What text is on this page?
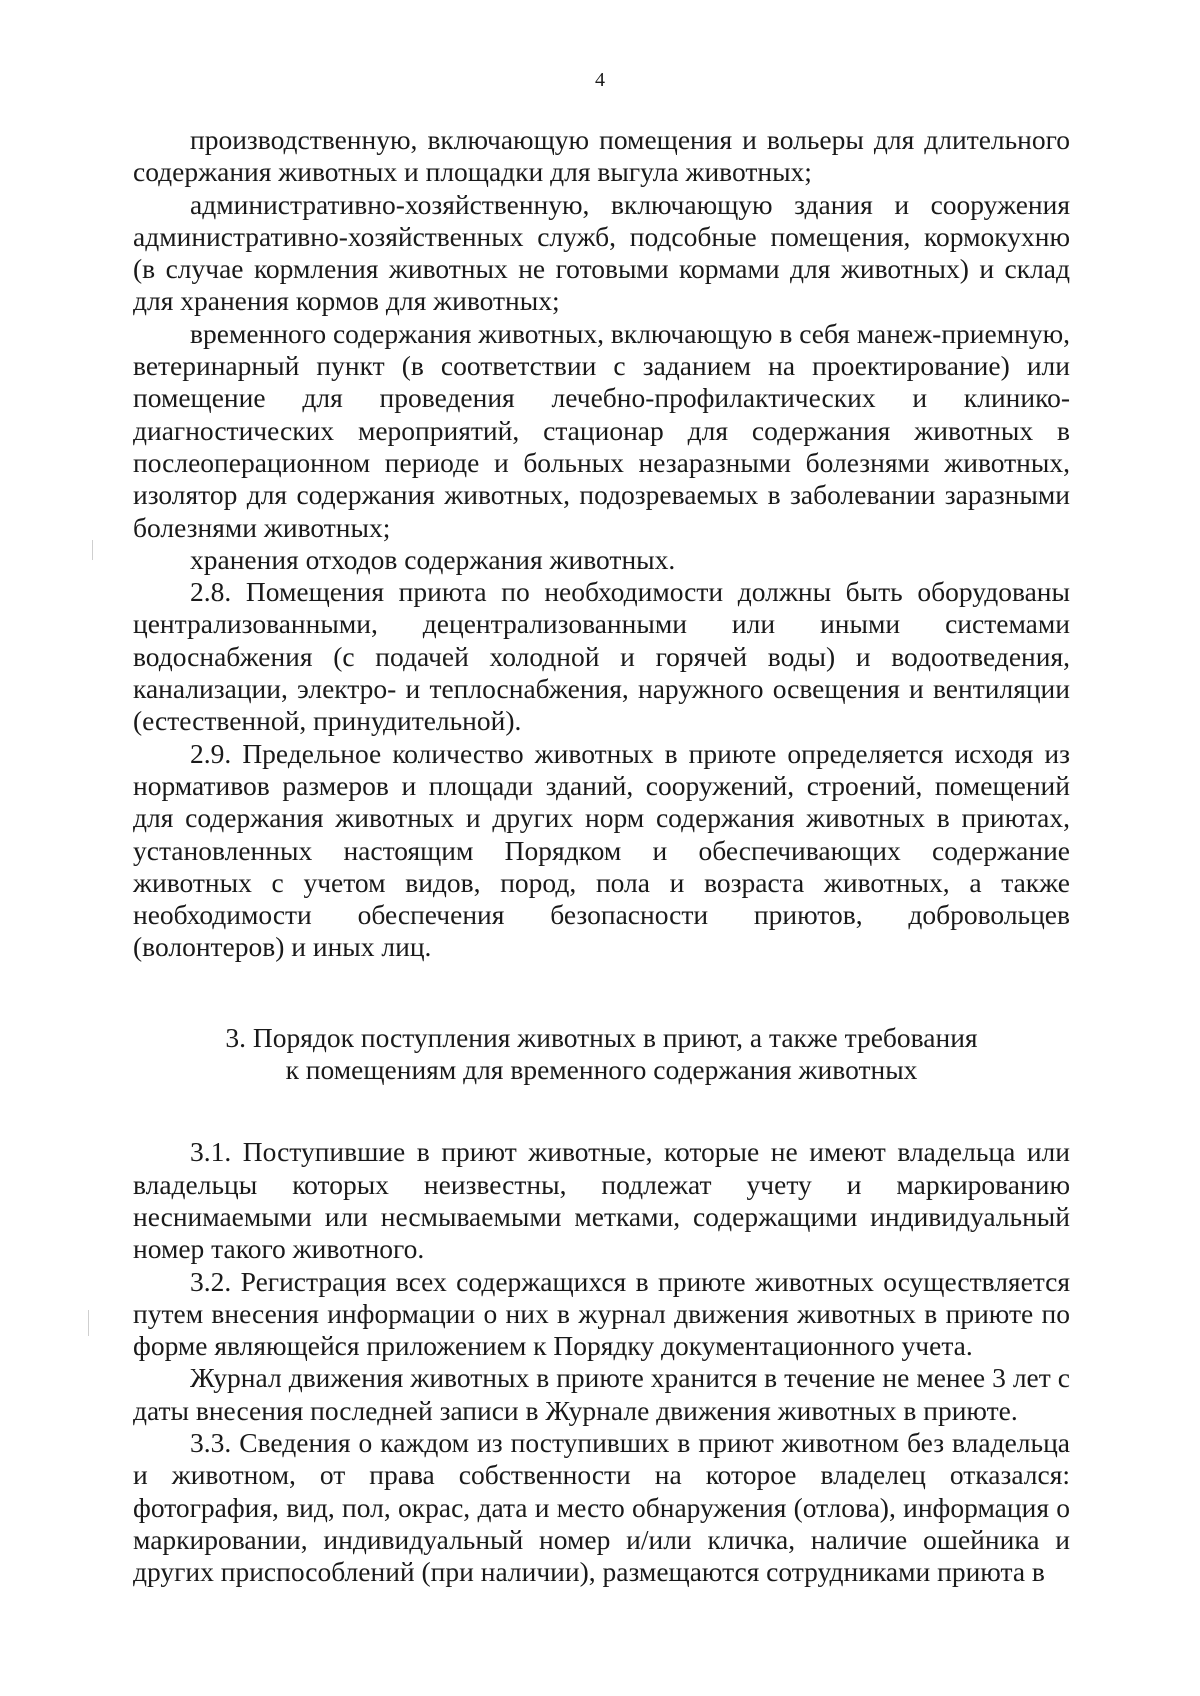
4

производственную, включающую помещения и вольеры для длительного содержания животных и площадки для выгула животных;

административно-хозяйственную, включающую здания и сооружения административно-хозяйственных служб, подсобные помещения, кормокухню (в случае кормления животных не готовыми кормами для животных) и склад для хранения кормов для животных;

временного содержания животных, включающую в себя манеж-приемную, ветеринарный пункт (в соответствии с заданием на проектирование) или помещение для проведения лечебно-профилактических и клинико-диагностических мероприятий, стационар для содержания животных в послеоперационном периоде и больных незаразными болезнями животных, изолятор для содержания животных, подозреваемых в заболевании заразными болезнями животных;

хранения отходов содержания животных.

2.8. Помещения приюта по необходимости должны быть оборудованы централизованными, децентрализованными или иными системами водоснабжения (с подачей холодной и горячей воды) и водоотведения, канализации, электро- и теплоснабжения, наружного освещения и вентиляции (естественной, принудительной).

2.9. Предельное количество животных в приюте определяется исходя из нормативов размеров и площади зданий, сооружений, строений, помещений для содержания животных и других норм содержания животных в приютах, установленных настоящим Порядком и обеспечивающих содержание животных с учетом видов, пород, пола и возраста животных, а также необходимости обеспечения безопасности приютов, добровольцев (волонтеров) и иных лиц.

3. Порядок поступления животных в приют, а также требования
к помещениям для временного содержания животных

3.1. Поступившие в приют животные, которые не имеют владельца или владельцы которых неизвестны, подлежат учету и маркированию неснимаемыми или несмываемыми метками, содержащими индивидуальный номер такого животного.

3.2. Регистрация всех содержащихся в приюте животных осуществляется путем внесения информации о них в журнал движения животных в приюте по форме являющейся приложением к Порядку документационного учета.

Журнал движения животных в приюте хранится в течение не менее 3 лет с даты внесения последней записи в Журнале движения животных в приюте.

3.3. Сведения о каждом из поступивших в приют животном без владельца и животном, от права собственности на которое владелец отказался: фотография, вид, пол, окрас, дата и место обнаружения (отлова), информация о маркировании, индивидуальный номер и/или кличка, наличие ошейника и других приспособлений (при наличии), размещаются сотрудниками приюта в
